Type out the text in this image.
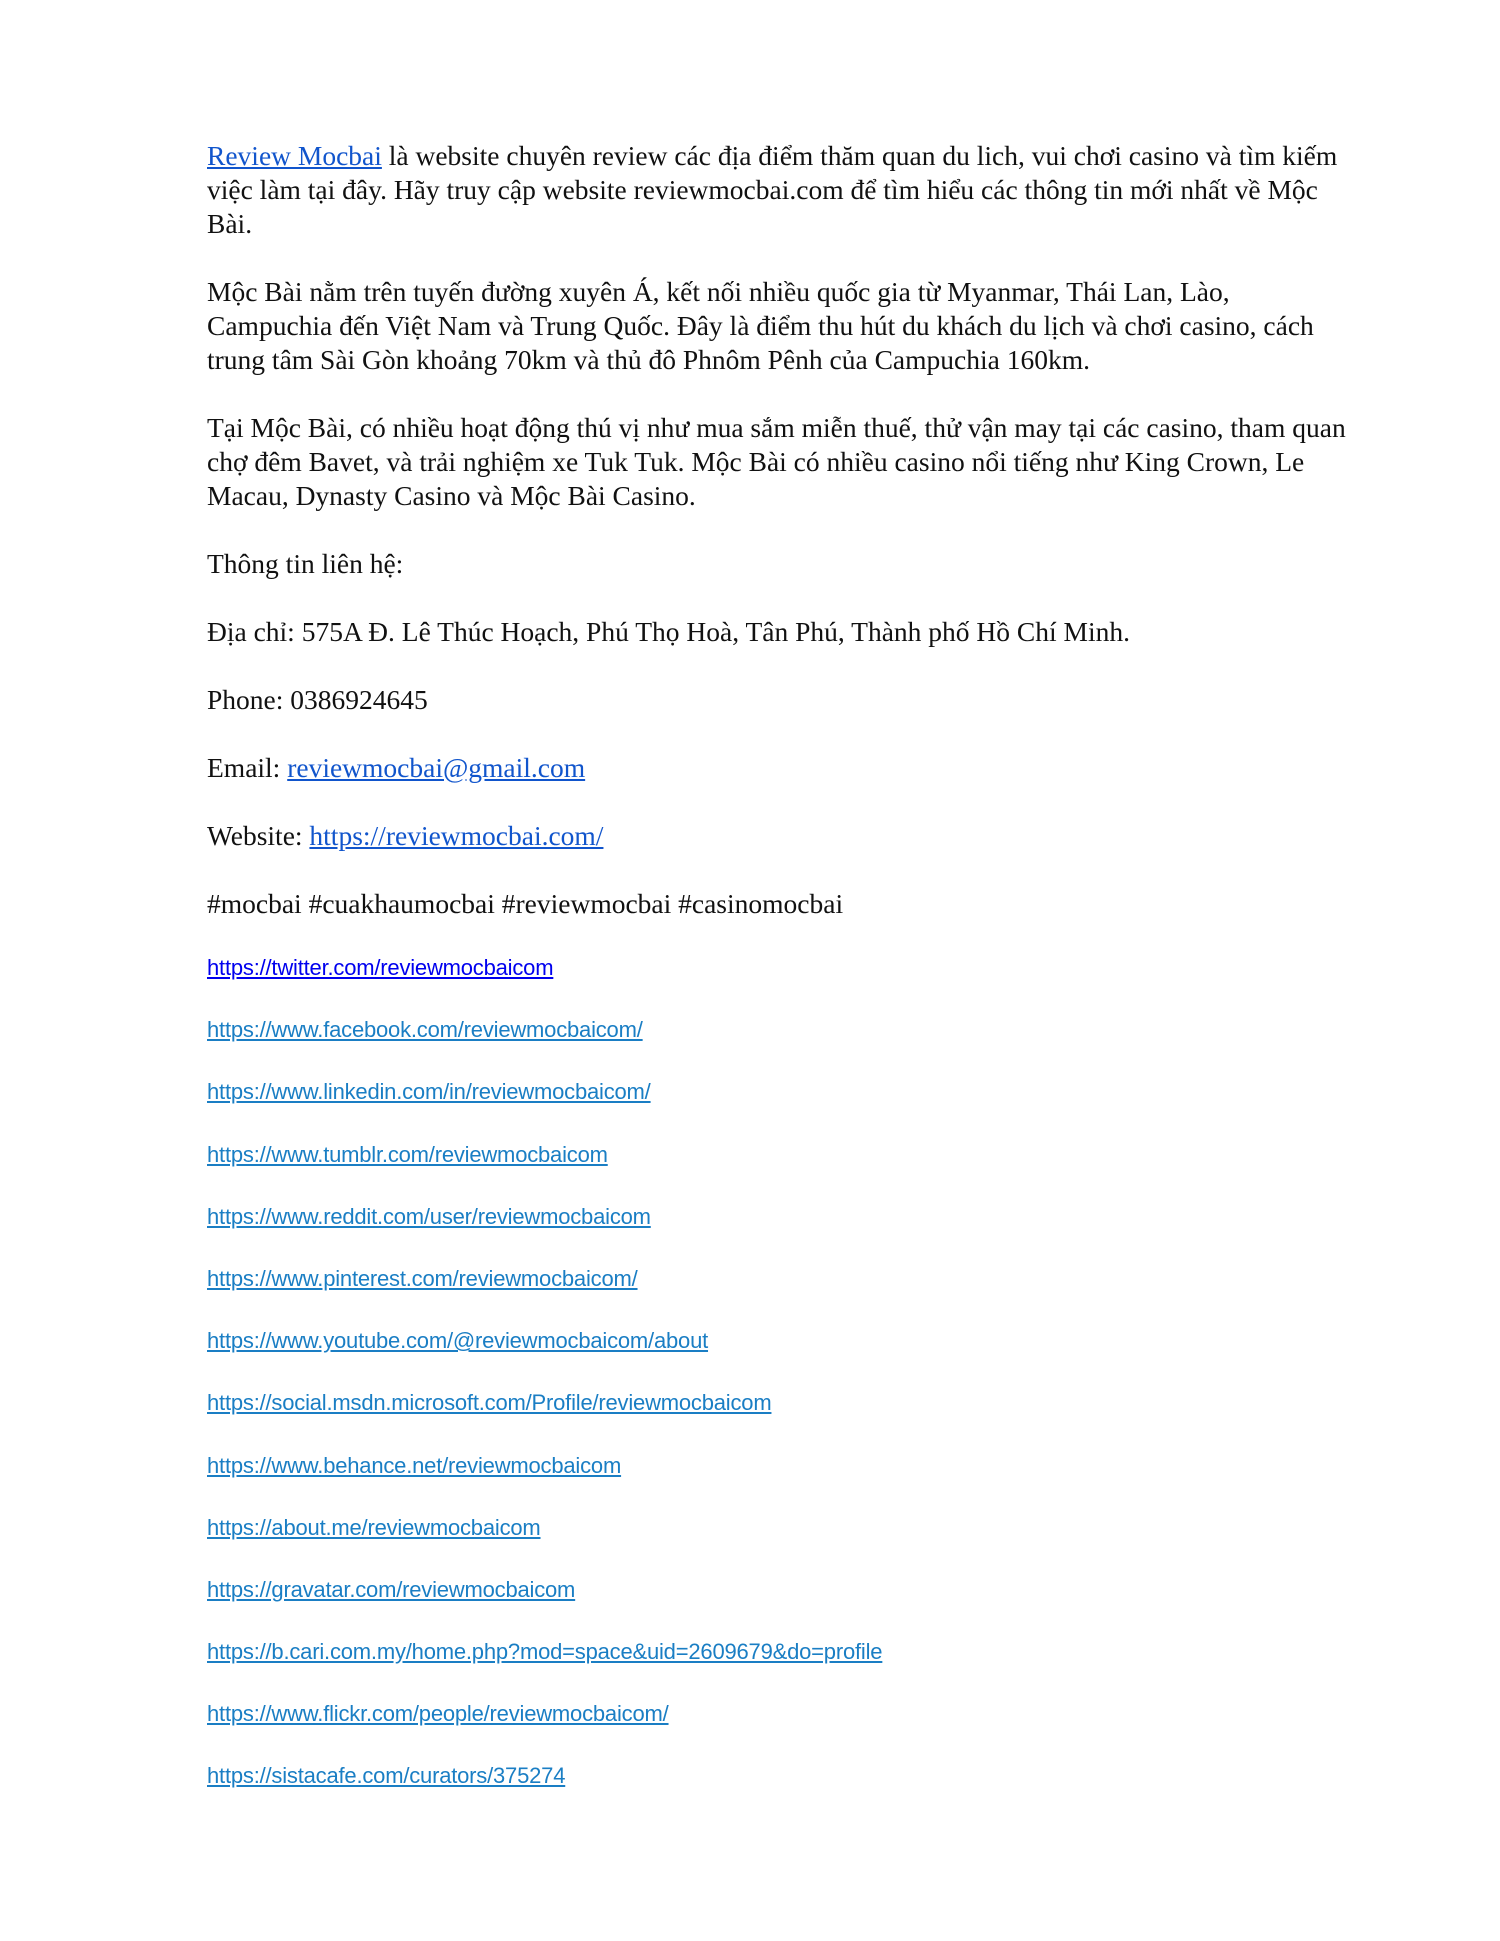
Review Mocbai là website chuyên review các địa điểm thăm quan du lich, vui chơi casino và tìm kiếm việc làm tại đây. Hãy truy cập website reviewmocbai.com để tìm hiểu các thông tin mới nhất về Mộc Bài.

Mộc Bài nằm trên tuyến đường xuyên Á, kết nối nhiều quốc gia từ Myanmar, Thái Lan, Lào, Campuchia đến Việt Nam và Trung Quốc. Đây là điểm thu hút du khách du lịch và chơi casino, cách trung tâm Sài Gòn khoảng 70km và thủ đô Phnôm Pênh của Campuchia 160km.

Tại Mộc Bài, có nhiều hoạt động thú vị như mua sắm miễn thuế, thử vận may tại các casino, tham quan chợ đêm Bavet, và trải nghiệm xe Tuk Tuk. Mộc Bài có nhiều casino nổi tiếng như King Crown, Le Macau, Dynasty Casino và Mộc Bài Casino.

Thông tin liên hệ:

Địa chỉ: 575A Đ. Lê Thúc Hoạch, Phú Thọ Hoà, Tân Phú, Thành phố Hồ Chí Minh.

Phone: 0386924645

Email: reviewmocbai@gmail.com

Website: https://reviewmocbai.com/

#mocbai #cuakhaumocbai #reviewmocbai #casinomocbai

https://twitter.com/reviewmocbaicom
https://www.facebook.com/reviewmocbaicom/
https://www.linkedin.com/in/reviewmocbaicom/
https://www.tumblr.com/reviewmocbaicom
https://www.reddit.com/user/reviewmocbaicom
https://www.pinterest.com/reviewmocbaicom/
https://www.youtube.com/@reviewmocbaicom/about
https://social.msdn.microsoft.com/Profile/reviewmocbaicom
https://www.behance.net/reviewmocbaicom
https://about.me/reviewmocbaicom
https://gravatar.com/reviewmocbaicom
https://b.cari.com.my/home.php?mod=space&uid=2609679&do=profile
https://www.flickr.com/people/reviewmocbaicom/
https://sistacafe.com/curators/375274
